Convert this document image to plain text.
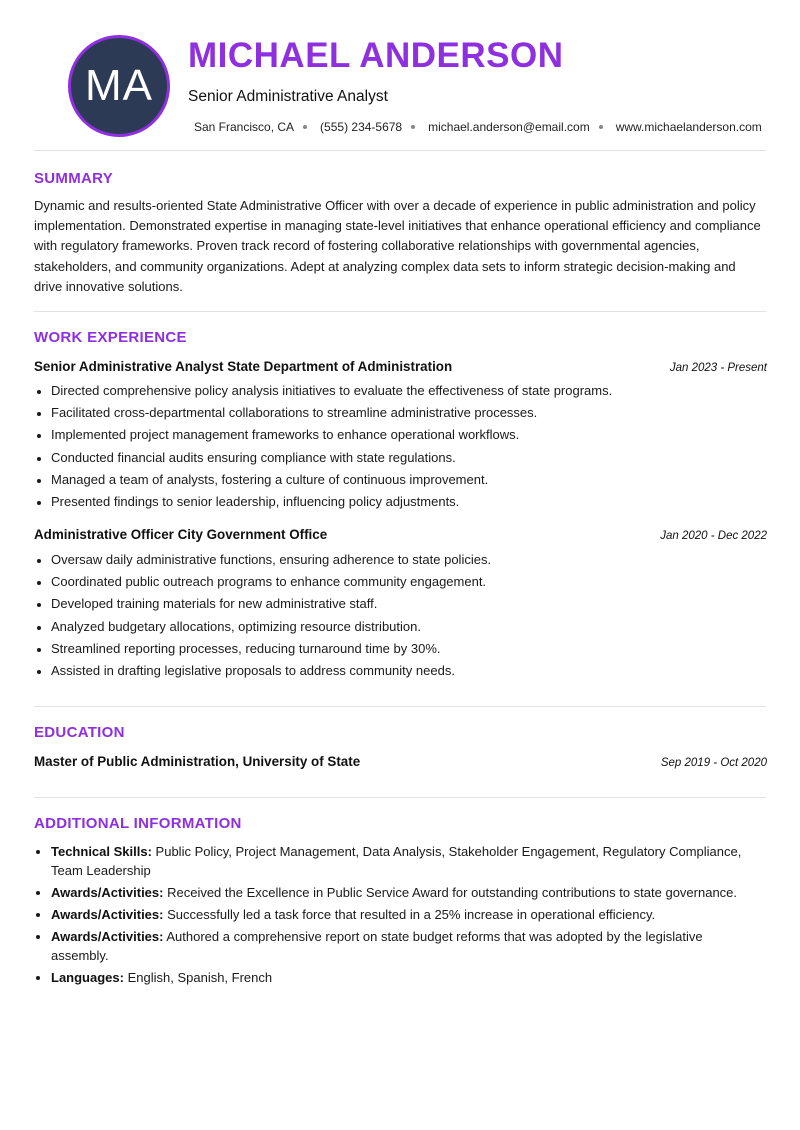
MA
MICHAEL ANDERSON
Senior Administrative Analyst
San Francisco, CA (555) 234-5678 michael.anderson@email.com www.michaelanderson.com
SUMMARY

Dynamic and results-oriented State Administrative Officer with over a decade of experience in public administration and policy implementation. Demonstrated expertise in managing state-level initiatives that enhance operational efficiency and compliance with regulatory frameworks. Proven track record of fostering collaborative relationships with governmental agencies, stakeholders, and community organizations. Adept at analyzing complex data sets to inform strategic decision-making and drive innovative solutions.

WORK EXPERIENCE
Senior Administrative Analyst State Department of Administration	Jan 2023 - Present
• Directed comprehensive policy analysis initiatives to evaluate the effectiveness of state programs.
• Facilitated cross-departmental collaborations to streamline administrative processes.
• Implemented project management frameworks to enhance operational workflows.
• Conducted financial audits ensuring compliance with state regulations.
• Managed a team of analysts, fostering a culture of continuous improvement.
• Presented findings to senior leadership, influencing policy adjustments.
Administrative Officer City Government Office	Jan 2020 - Dec 2022
• Oversaw daily administrative functions, ensuring adherence to state policies.
• Coordinated public outreach programs to enhance community engagement.
• Developed training materials for new administrative staff.
• Analyzed budgetary allocations, optimizing resource distribution.
• Streamlined reporting processes, reducing turnaround time by 30%.
• Assisted in drafting legislative proposals to address community needs.
EDUCATION
Master of Public Administration, University of State	Sep 2019 - Oct 2020
ADDITIONAL INFORMATION
• Technical Skills: Public Policy, Project Management, Data Analysis, Stakeholder Engagement, Regulatory Compliance, Team Leadership
• Awards/Activities: Received the Excellence in Public Service Award for outstanding contributions to state governance.
• Awards/Activities: Successfully led a task force that resulted in a 25% increase in operational efficiency.
• Awards/Activities: Authored a comprehensive report on state budget reforms that was adopted by the legislative assembly.
• Languages: English, Spanish, French
